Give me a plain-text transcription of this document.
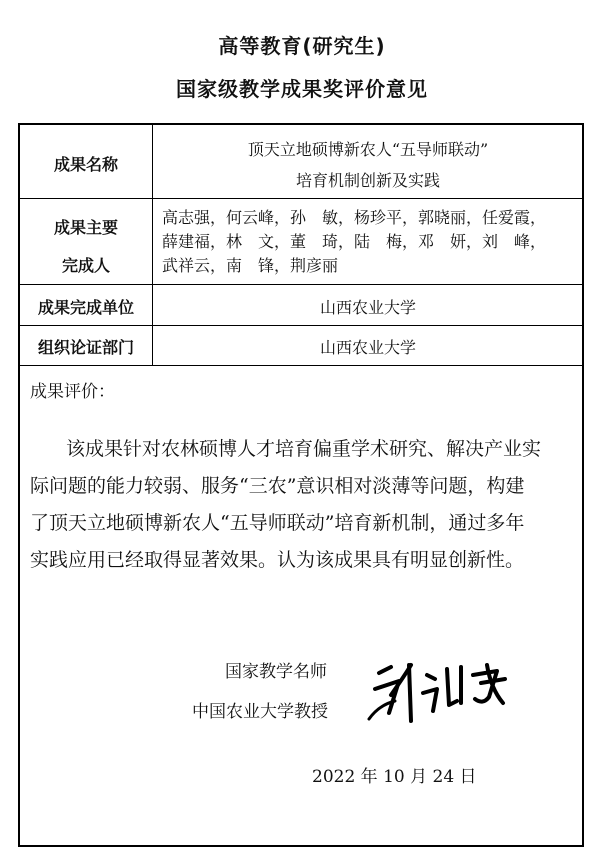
高等教育(研究生)
国家级教学成果奖评价意见
成果名称
顶天立地硕博新农人“五导师联动”
培育机制创新及实践
成果主要
完成人
高志强，何云峰，孙　敏，杨珍平，郭晓丽，任爱霞，
薛建福，林　文，董　琦，陆　梅，邓　妍，刘　峰，
武祥云，南　锋，荆彦丽
成果完成单位	山西农业大学
组织论证部门	山西农业大学
成果评价：
该成果针对农林硕博人才培育偏重学术研究、解决产业实
际问题的能力较弱、服务“三农”意识相对淡薄等问题，构建
了顶天立地硕博新农人“五导师联动”培育新机制，通过多年
实践应用已经取得显著效果。认为该成果具有明显创新性。
国家教学名师
中国农业大学教授
2022 年 10 月 24 日
